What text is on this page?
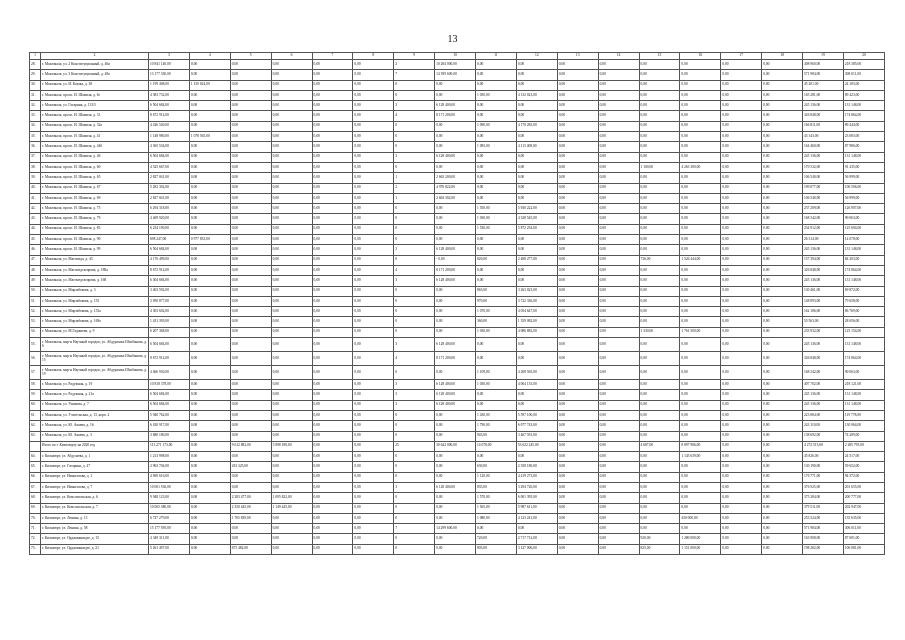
13
1	2	3	4	5	6	7	8	9	10	11	12	13	14	15	16	17	18	19	20
28.	г. Махачкала, ул. 2 Конституционный, д. 46а	10 841 140,00	0,00	0,00	0,00	0,00	0,00	2	10 284 000,00	0,00	0,00	0,00	0,00	0,00	0,00	0,00	0,00	408 960,00	218 385,00
29.	г. Махачкала, ул. 3 Конституционный, д. 48а	13 177 330,00	0,00	0,00	0,00	0,00	0,00	7	14 399 600,00	0,00	0,00	0,00	0,00	0,00	0,00	0,00	0,00	571 984,00	308 011,00
30.	г. Махачкала, ул. И. Казака, д. 38	1 199 408,00	1 150 024,00	0,00	0,00	0,00	0,00	0	0,00	0,00	0,00	0,00	0,00	0,00	0,00	0,00	0,00	45 201,00	24 183,00
31.	г. Махачкала, просп. И. Шамиля, д. 6г	4 383 732,00	0,00	0,00	0,00	0,00	0,00	0	0,00	1 050,00	4 132 023,00	0,00	0,00	0,00	0,00	0,00	0,00	165 281,00	89 423,00
32.	г. Махачкала, ул. Гагарина, д. 113/5	6 504 684,00	0,00	0,00	0,00	0,00	0,00	3	6 128 400,00	0,00	0,00	0,00	0,00	0,00	0,00	0,00	0,00	245 136,00	131 148,00
33.	г. Махачкала, просп. И. Шамиля, д. 31	8 672 912,00	0,00	0,00	0,00	0,00	0,00	4	8 171 200,00	0,00	0,00	0,00	0,00	0,00	0,00	0,00	0,00	326 848,00	174 864,00
34.	г. Махачкала, просп. И. Шамиля, д. 32а	4 426 540,00	0,00	0,00	0,00	0,00	0,00	0	0,00	1 090,00	4 170 283,00	0,00	0,00	0,00	0,00	0,00	0,00	166 811,00	89 244,00
35.	г. Махачкала, просп. И. Шамиля, д. 41	1 148 980,00	1 078 565,00	0,00	0,00	0,00	0,00	0	0,00	0,00	0,00	0,00	0,00	0,00	0,00	0,00	0,00	43 143,00	23 083,00
36.	г. Махачкала, просп. И. Шамиля, д. 44б	4 365 534,00	0,00	0,00	0,00	0,00	0,00	0	0,00	1 083,00	4 113 408,00	0,00	0,00	0,00	0,00	0,00	0,00	164 460,00	87 986,00
37.	г. Махачкала, просп. И. Шамиля, д. 46	6 504 684,00	0,00	0,00	0,00	0,00	0,00	3	6 128 400,00	0,00	0,00	0,00	0,00	0,00	0,00	0,00	0,00	245 136,00	131 148,00
38.	г. Махачкала, просп. И. Шамиля, д. 60	4 525 667,00	0,00	0,00	0,00	0,00	0,00	0	0,00	0,00	0,00	0,00	0,00	1 100,00	4 263 300,00	0,00	0,00	170 532,00	91 235,00
39.	г. Махачкала, просп. И. Шамиля, д. 65	2 827 041,00	0,00	0,00	0,00	0,00	0,00	1	2 663 200,00	0,00	0,00	0,00	0,00	0,00	0,00	0,00	0,00	106 540,00	56 999,00
40.	г. Махачкала, просп. И. Шамиля, д. 67	5 282 302,00	0,00	0,00	0,00	0,00	0,00	2	4 976 822,00	0,00	0,00	0,00	0,00	0,00	0,00	0,00	0,00	199 077,00	106 506,00
41.	г. Махачкала, просп. И. Шамиля, д. 69	2 827 041,00	0,00	0,00	0,00	0,00	0,00	1	2 663 302,00	0,00	0,00	0,00	0,00	0,00	0,00	0,00	0,00	106 540,00	56 999,00
42.	г. Махачкала, просп. И. Шамиля, д. 75	6 294 318,00	0,00	0,00	0,00	0,00	0,00	0	0,00	1 550,00	5 930 222,00	0,00	0,00	0,00	0,00	0,00	0,00	237 209,00	126 907,00
43.	г. Махачкала, просп. И. Шамиля, д. 79	4 469 920,00	0,00	0,00	0,00	0,00	0,00	0	0,00	1 030,00	4 328 545,00	0,00	0,00	0,00	0,00	0,00	0,00	168 342,00	90 063,00
44.	г. Махачкала, просп. И. Шамиля, д. 83	6 234 190,00	0,00	0,00	0,00	0,00	0,00	0	0,00	1 530,00	5 872 254,00	0,00	0,00	0,00	0,00	0,00	0,00	234 912,00	125 694,00
45.	г. Махачкала, просп. И. Шамиля, д. 90	698 247,00	0 977 833,00	0,00	0,00	0,00	0,00	0	0,00	0,00	0,00	0,00	0,00	0,00	0,00	0,00	0,00	26 314,00	14 078,00
46.	г. Махачкала, просп. И. Шамиля, д. 99	6 504 684,00	0,00	0,00	0,00	0,00	0,00	3	6 128 400,00	0,00	0,00	0,00	0,00	0,00	0,00	0,00	0,00	245 136,00	131 148,00
47.	г. Махачкала, ул. Магомеда, д. 43	4 176 499,00	0,00	0,00	0,00	0,00	0,00	0	- 0,00	820,00	2 408 277,00	0,00	0,00	736,00	1 526 444,00	0,00	0,00	157 394,00	84 203,00
48.	г. Махачкала, ул. Магомедтагирова, д. 188а	8 672 912,00	0,00	0,00	0,00	0,00	0,00	4	8 171 200,00	0,00	0,00	0,00	0,00	0,00	0,00	0,00	0,00	326 848,00	174 864,00
49.	г. Махачкала, ул. Магомедтагирова, д. 168	6 304 684,00	0,00	0,00	0,00	0,00	0,00	3	6 128 400,00	0,00	0,00	0,00	0,00	0,00	0,00	0,00	0,00	245 136,00	131 148,00
50.	г. Махачкала, ул. Мирзабекова, д. 3	3 463 592,00	0,00	0,00	0,00	0,00	0,00	0	0,00	865,00	3 263 023,00	0,00	0,00	0,00	0,00	0,00	0,00	130 461,00	69 872,00
51.	г. Махачкала, ул. Мирзабекова, д. 153	3 950 877,00	0,00	0,00	0,00	0,00	0,00	0	0,00	970,00	3 722 336,00	0,00	0,00	0,00	0,00	0,00	0,00	148 893,00	79 658,00
52.	г. Махачкала, ул. Мирзабекова, д. 153а	4 303 602,00	0,00	0,00	0,00	0,00	0,00	0	0,00	1 070,00	4 054 647,00	0,00	0,00	0,00	0,00	0,00	0,00	162 186,00	86 769,00
53.	г. Махачкала, ул. Мирзабекова, д. 169а	1 431 393,00	0,00	0,00	0,00	0,00	0,00	0	0,00	360,00	1 359 082,00	0,00	0,00	0,00	0,00	0,00	0,00	53 563,00	28 656,00
54.	г. Махачкала, ул. М.Гаджиева, д. 9	6 207 368,00	0,00	0,00	0,00	0,00	0,00	0	0,00	1 030,00	4 086 882,00	0,00	0,00	1 330,00	1 761 500,00	0,00	0,00	233 932,00	125 154,00
55.	г. Махачкала, мкр-н Научный городок, ул. Абдуразака Шахбанова, д. 6	6 504 684,00	0,00	0,00	0,00	0,00	0,00	3	6 128 400,00	0,00	0,00	0,00	0,00	0,00	0,00	0,00	0,00	245 136,00	131 148,00
56.	г. Махачкала, мкр-н Научный городок, ул. Абдуразака Шахбанова, д. 15	8 672 912,00	0,00	0,00	0,00	0,00	0,00	4	8 171 200,00	0,00	0,00	0,00	0,00	0,00	0,00	0,00	0,00	326 848,00	174 864,00
57.	г. Махачкала, мкр-н Научный городок, ул. Абдуразака Шахбанова, д. 19	4 466 930,00	0,00	0,00	0,00	0,00	0,00	0	0,00	1 109,00	4 208 565,00	0,00	0,00	0,00	0,00	0,00	0,00	168 342,00	90 063,00
58.	г. Махачкала, ул. Радужная, д. 19	10 818 378,00	0,00	0,00	0,00	0,00	0,00	3	6 128 400,00	1 030,00	4 064 153,00	0,00	0,00	0,00	0,00	0,00	0,00	407 702,00	218 121,00
59.	г. Махачкала, ул. Радужная, д. 21а	6 504 684,00	0,00	0,00	0,00	0,00	0,00	3	6 128 400,00	0,00	0,00	0,00	0,00	0,00	0,00	0,00	0,00	245 136,00	131 148,00
60.	г. Махачкала, ул. Ушакова, д. 7	6 504 684,00	0,00	0,00	0,00	0,00	0,00	3	6 128 400,00	0,00	0,00	0,00	0,00	0,00	0,00	0,00	0,00	245 136,00	131 148,00
61.	г. Махачкала, ул. Учительская, д. 13, корп. 2	5 940 762,00	0,00	0,00	0,00	0,00	0,00	0	0,00	1 430,00	5 597 100,00	0,00	0,00	0,00	0,00	0,00	0,00	223 884,00	119 778,00
62.	г. Махачкала, ул. Ю. Акаева, д. 16	6 430 917,00	0,00	0,00	0,00	0,00	0,00	0	0,00	1 790,00	6 077 743,00	0,00	0,00	0,00	0,00	0,00	0,00	243 110,00	130 064,00
63.	г. Махачкала, ул. Ю. Акаева, д. 3	3 680 180,00	0,00	0,00	0,00	0,00	0,00	0	0,00	945,00	3 467 591,00	0,00	0,00	0,00	0,00	0,00	0,00	138 692,00	74 209,00
	Итого по г. Кизилюрту на 2020 год	113 271 173,00	0,00	9 612 882,00	3 898 188,00	0,00	0,00	25	30 642 000,00	14 078,00	53 622 245,00	0,00	0,00	4 687,00	8 897 986,00	0,00	0,00	4 272 515,00	2 285 795,00
64.	г. Кизилюрт, ул. Абдулаева, д. 1	1 213 998,00	0,00	0,00	0,00	0,00	0,00	0	0,00	0,00	0,00	0,00	0,00	0,00	1 145 639,00	0,00	0,00	45 826,00	24 517,00
65.	г. Кизилюрт, ул. Гагарина, д. 47	2 963 704,00	0,00	433 325,00	0,00	0,00	0,00	0	0,00	630,00	2 358 180,00	0,00	0,00	0,00	0,00	0,00	0,00	130 190,00	59 652,00
66.	г. Кизилюрт, ул. Имангазова, д. 1	4 690 616,00	0,00	0,00	0,00	0,00	0,00	0	0,00	1 120,00	4 419 273,00	0,00	0,00	0,00	0,00	0,00	0,00	176 771,00	94 572,00
67.	г. Кизилюрт, ул. Имангазова, д. 7	10 001 536,00	0,00	0,00	0,00	0,00	0,00	3	6 128 400,00	835,00	3 294 726,00	0,00	0,00	0,00	0,00	0,00	0,00	376 925,00	201 655,00
68.	г. Кизилюрт, ул. Комсомольская, д. 6	9 948 123,00	0,00	2 283 477,00	1 095 822,00	0,00	0,00	0	0,00	1 570,00	6 001 395,00	0,00	0,00	0,00	0,00	0,00	0,00	375 284,00	200 777,00
69.	г. Кизилюрт, ул. Комсомольская, д. 7	10 065 380,00	0,00	2 350 445,00	1 149 445,00	0,00	0,00	0	0,00	1 565,00	5 987 611,00	0,00	0,00	0,00	0,00	0,00	0,00	379 511,00	202 947,00
70.	г. Кизилюрт, ул. Ленина, д. 13	6 727 279,00	0,00	1 765 839,00	0,00	0,00	0,00	0	0,00	1 080,00	4 123 241,00	0,00	0,00	0,00	430 000,00	0,00	0,00	253 524,00	135 635,00
71.	г. Кизилюрт, ул. Ленина, д. 58	15 177 595,00	0,00	0,00	0,00	0,00	0,00	7	14 299 600,00	0,00	0,00	0,00	0,00	0,00	0,00	0,00	0,00	571 984,00	306 011,00
72.	г. Кизилюрт, ул. Орджоникидзе, д. 15	4 349 311,00	0,00	0,00	0,00	0,00	0,00	0	0,00	720,00	2 717 712,00	0,00	0,00	920,00	1 280 000,00	0,00	0,00	163 908,00	87 691,00
73.	г. Кизилюрт, ул. Орджоникидзе, д. 21	5 261 497,00	0,00	675 482,00	0,00	0,00	0,00	0	0,00	805,00	3 127 006,00	0,00	0,00	825,00	1 151 000,00	0,00	0,00	198 282,00	106 081,00
